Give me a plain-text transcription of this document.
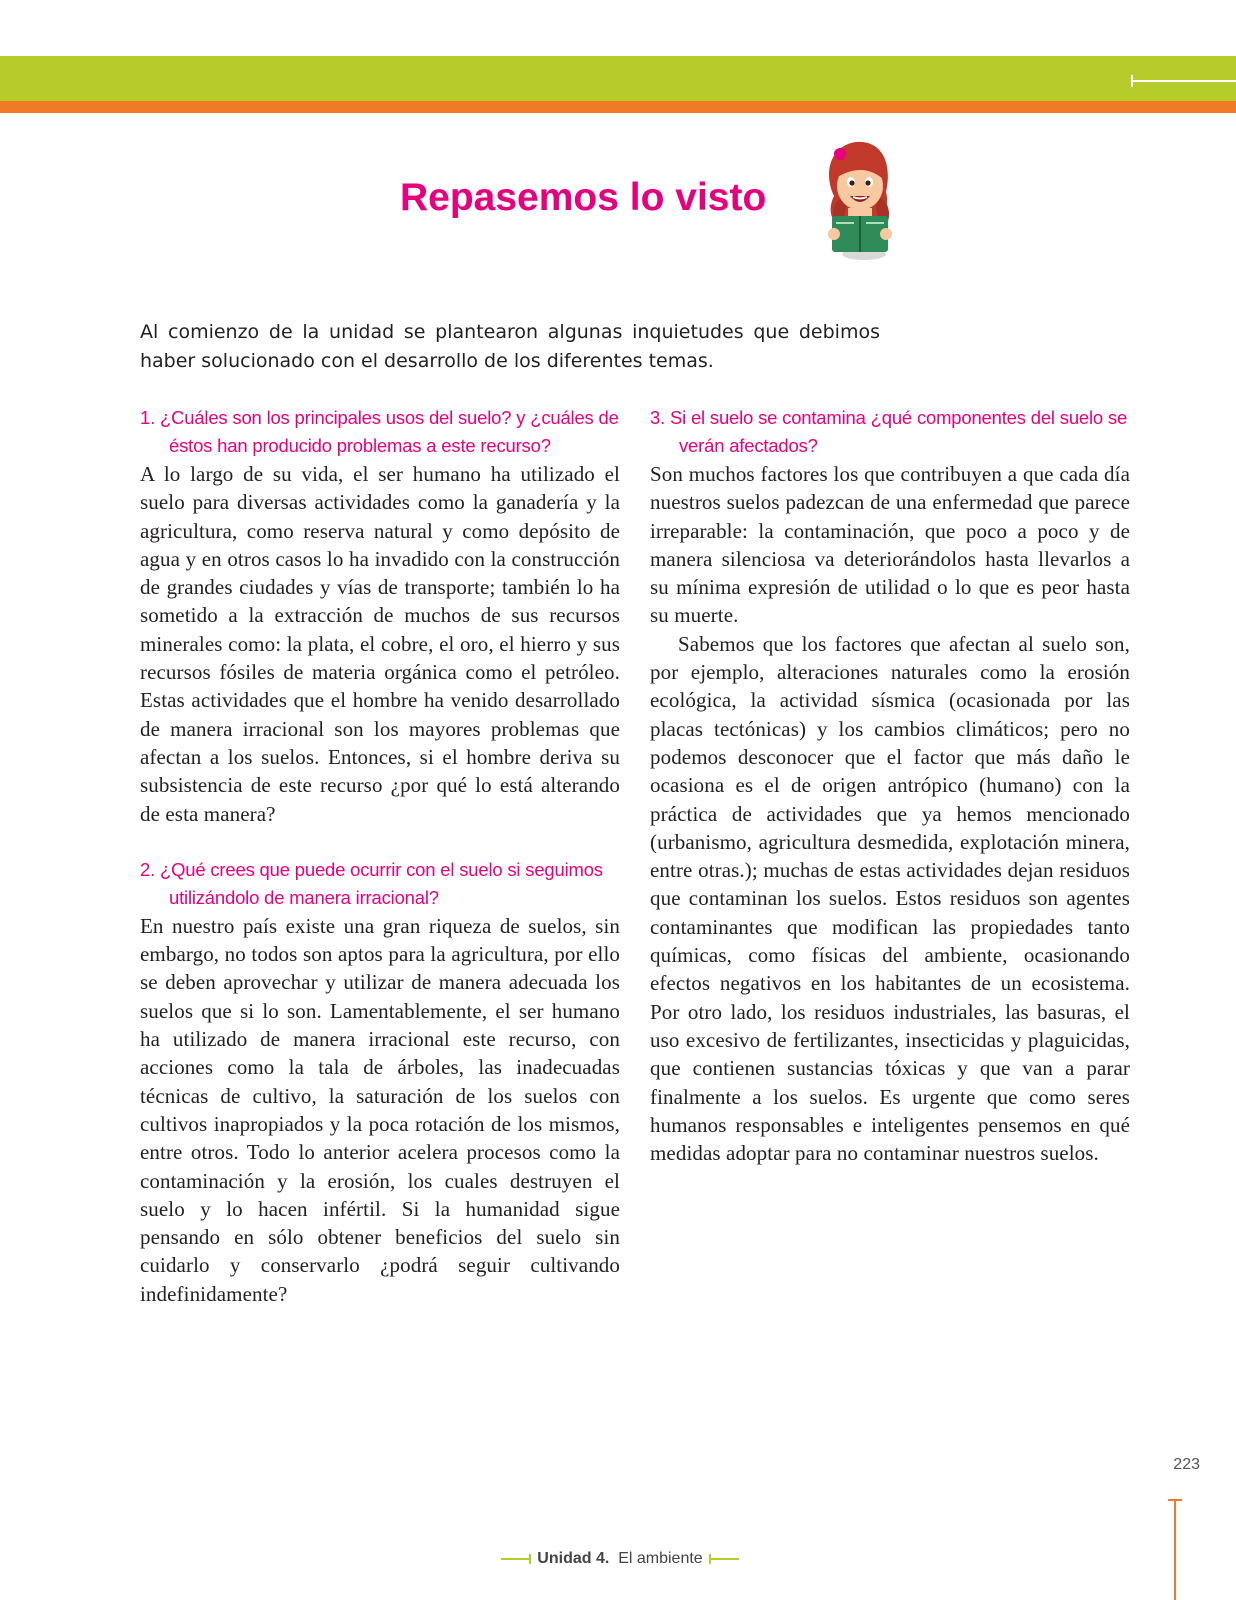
Repasemos lo visto

Al comienzo de la unidad se plantearon algunas inquietudes que debimos haber solucionado con el desarrollo de los diferentes temas.

1. ¿Cuáles son los principales usos del suelo? y ¿cuáles de éstos han producido problemas a este recurso?

A lo largo de su vida, el ser humano ha utilizado el suelo para diversas actividades como la ganadería y la agricultura, como reserva natural y como depósito de agua y en otros casos lo ha invadido con la construcción de grandes ciudades y vías de transporte; también lo ha sometido a la extracción de muchos de sus recursos minerales como: la plata, el cobre, el oro, el hierro y sus recursos fósiles de materia orgánica como el petróleo. Estas actividades que el hombre ha venido desarrollado de manera irracional son los mayores problemas que afectan a los suelos. Entonces, si el hombre deriva su subsistencia de este recurso ¿por qué lo está alterando de esta manera?

2. ¿Qué crees que puede ocurrir con el suelo si seguimos utilizándolo de manera irracional?

En nuestro país existe una gran riqueza de suelos, sin embargo, no todos son aptos para la agricultura, por ello se deben aprovechar y utilizar de manera adecuada los suelos que si lo son. Lamentablemente, el ser humano ha utilizado de manera irracional este recurso, con acciones como la tala de árboles, las inadecuadas técnicas de cultivo, la saturación de los suelos con cultivos inapropiados y la poca rotación de los mismos, entre otros. Todo lo anterior acelera procesos como la contaminación y la erosión, los cuales destruyen el suelo y lo hacen infértil. Si la humanidad sigue pensando en sólo obtener beneficios del suelo sin cuidarlo y conservarlo ¿podrá seguir cultivando indefinidamente?

3. Si el suelo se contamina ¿qué componentes del suelo se verán afectados?

Son muchos factores los que contribuyen a que cada día nuestros suelos padezcan de una enfermedad que parece irreparable: la contaminación, que poco a poco y de manera silenciosa va deteriorándolos hasta llevarlos a su mínima expresión de utilidad o lo que es peor hasta su muerte.

Sabemos que los factores que afectan al suelo son, por ejemplo, alteraciones naturales como la erosión ecológica, la actividad sísmica (ocasionada por las placas tectónicas) y los cambios climáticos; pero no podemos desconocer que el factor que más daño le ocasiona es el de origen antrópico (humano) con la práctica de actividades que ya hemos mencionado (urbanismo, agricultura desmedida, explotación minera, entre otras.); muchas de estas actividades dejan residuos que contaminan los suelos. Estos residuos son agentes contaminantes que modifican las propiedades tanto químicas, como físicas del ambiente, ocasionando efectos negativos en los habitantes de un ecosistema. Por otro lado, los residuos industriales, las basuras, el uso excesivo de fertilizantes, insecticidas y plaguicidas, que contienen sustancias tóxicas y que van a parar finalmente a los suelos. Es urgente que como seres humanos responsables e inteligentes pensemos en qué medidas adoptar para no contaminar nuestros suelos.

223
Unidad 4. El ambiente
